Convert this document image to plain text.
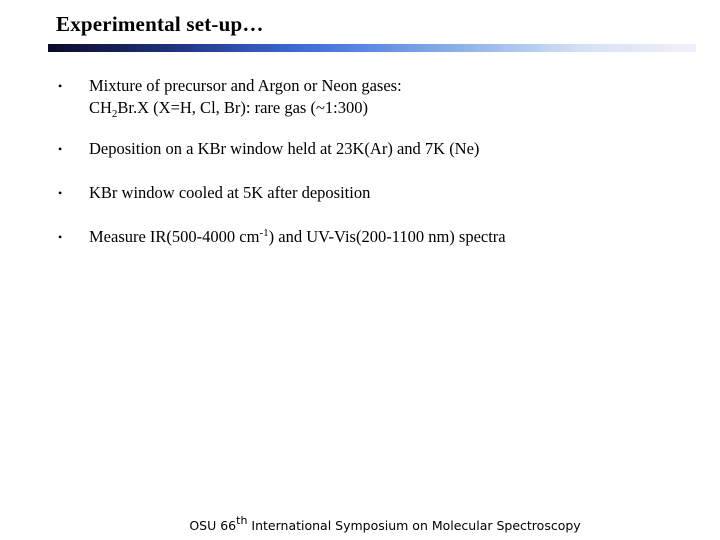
Experimental set-up…
•	Mixture of precursor and Argon or Neon gases:
$CH_2Br.X$ (X=H, Cl, Br): rare gas (~1:300)
•	Deposition on a KBr window held at 23K(Ar) and 7K (Ne)
•	KBr window cooled at 5K after deposition
•	Measure IR(500-4000 $cm^{-1}$) and UV-Vis(200-1100 nm) spectra
OSU 66th International Symposium on Molecular Spectroscopy
